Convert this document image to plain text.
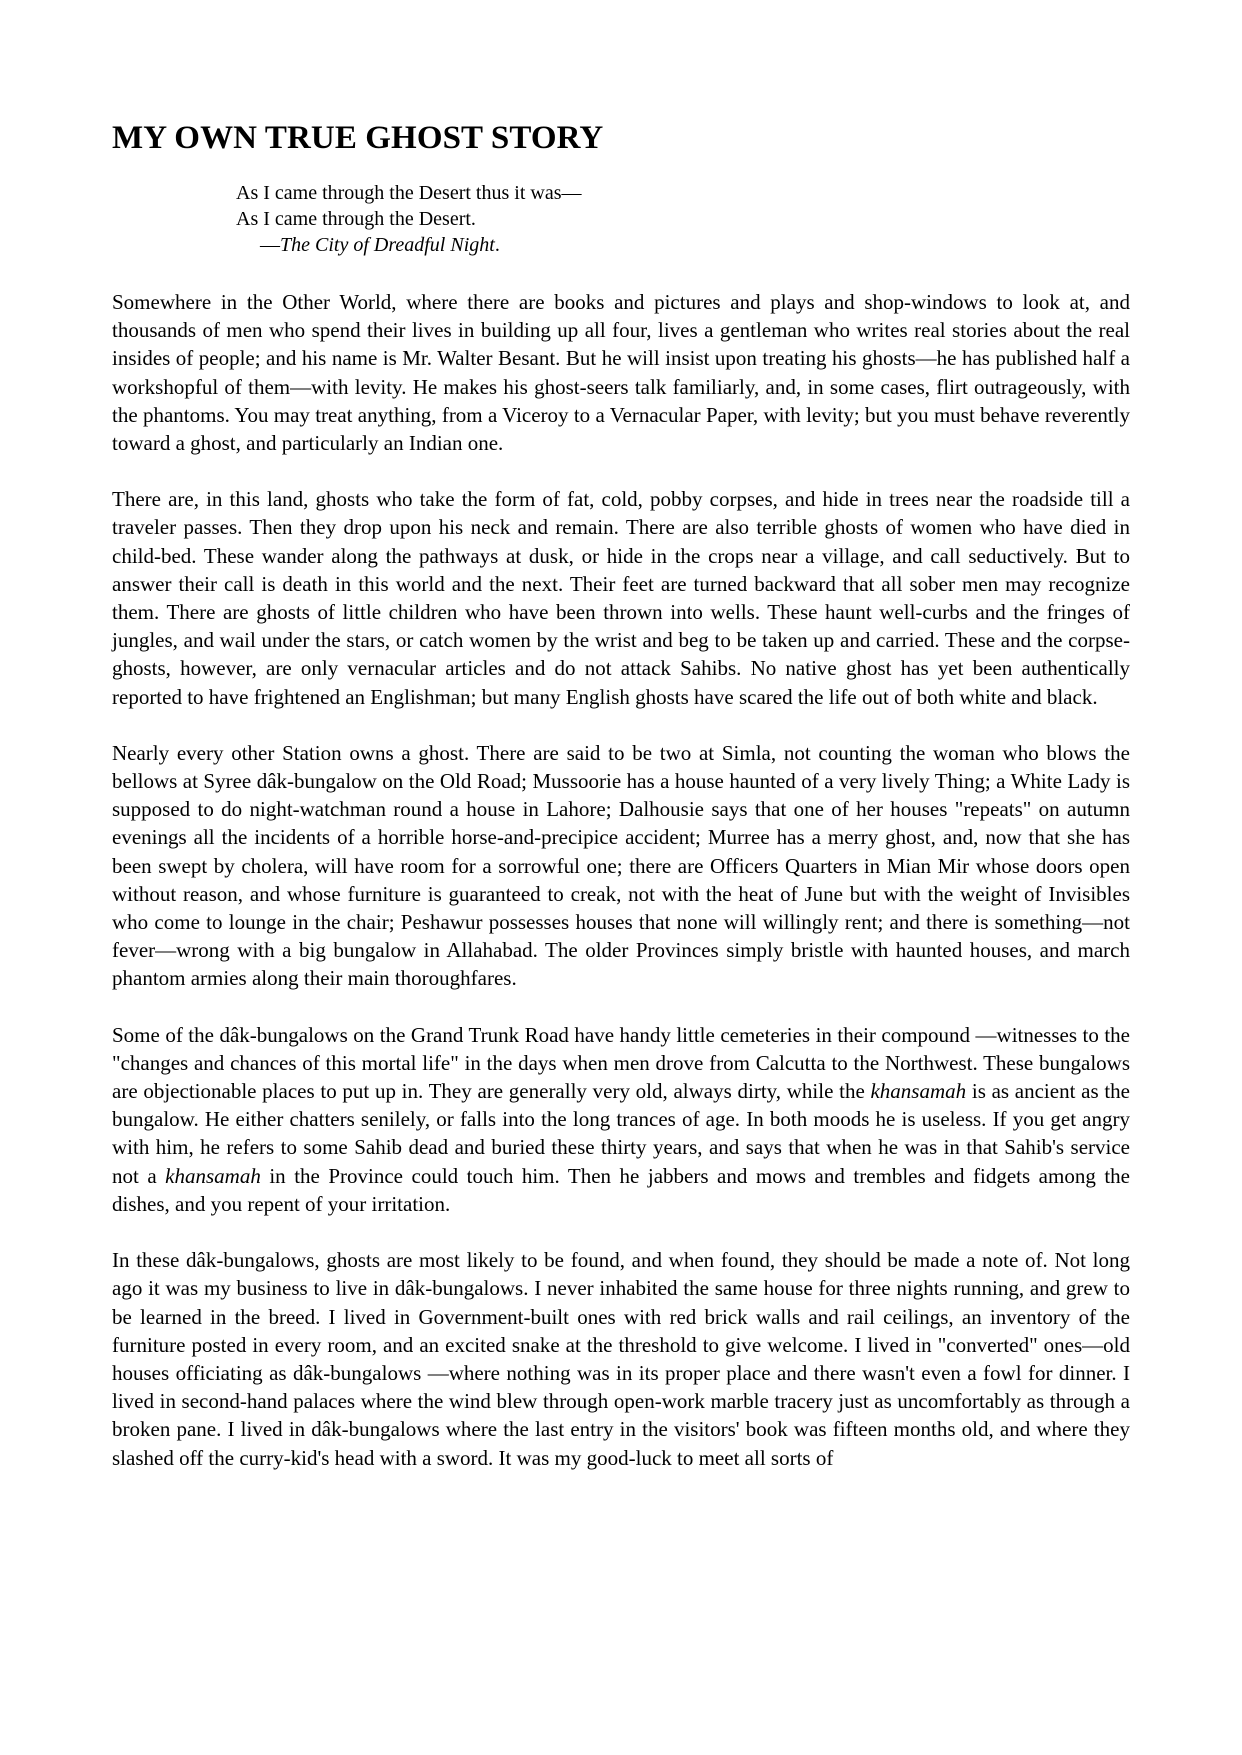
MY OWN TRUE GHOST STORY
As I came through the Desert thus it was—
As I came through the Desert.
—The City of Dreadful Night.

Somewhere in the Other World, where there are books and pictures and plays and shop-windows to look at, and thousands of men who spend their lives in building up all four, lives a gentleman who writes real stories about the real insides of people; and his name is Mr. Walter Besant. But he will insist upon treating his ghosts—he has published half a workshopful of them—with levity. He makes his ghost-seers talk familiarly, and, in some cases, flirt outrageously, with the phantoms. You may treat anything, from a Viceroy to a Vernacular Paper, with levity; but you must behave reverently toward a ghost, and particularly an Indian one.

There are, in this land, ghosts who take the form of fat, cold, pobby corpses, and hide in trees near the roadside till a traveler passes. Then they drop upon his neck and remain. There are also terrible ghosts of women who have died in child-bed. These wander along the pathways at dusk, or hide in the crops near a village, and call seductively. But to answer their call is death in this world and the next. Their feet are turned backward that all sober men may recognize them. There are ghosts of little children who have been thrown into wells. These haunt well-curbs and the fringes of jungles, and wail under the stars, or catch women by the wrist and beg to be taken up and carried. These and the corpse-ghosts, however, are only vernacular articles and do not attack Sahibs. No native ghost has yet been authentically reported to have frightened an Englishman; but many English ghosts have scared the life out of both white and black.

Nearly every other Station owns a ghost. There are said to be two at Simla, not counting the woman who blows the bellows at Syree dâk-bungalow on the Old Road; Mussoorie has a house haunted of a very lively Thing; a White Lady is supposed to do night-watchman round a house in Lahore; Dalhousie says that one of her houses "repeats" on autumn evenings all the incidents of a horrible horse-and-precipice accident; Murree has a merry ghost, and, now that she has been swept by cholera, will have room for a sorrowful one; there are Officers Quarters in Mian Mir whose doors open without reason, and whose furniture is guaranteed to creak, not with the heat of June but with the weight of Invisibles who come to lounge in the chair; Peshawur possesses houses that none will willingly rent; and there is something—not fever—wrong with a big bungalow in Allahabad. The older Provinces simply bristle with haunted houses, and march phantom armies along their main thoroughfares.

Some of the dâk-bungalows on the Grand Trunk Road have handy little cemeteries in their compound —witnesses to the "changes and chances of this mortal life" in the days when men drove from Calcutta to the Northwest. These bungalows are objectionable places to put up in. They are generally very old, always dirty, while the khansamah is as ancient as the bungalow. He either chatters senilely, or falls into the long trances of age. In both moods he is useless. If you get angry with him, he refers to some Sahib dead and buried these thirty years, and says that when he was in that Sahib's service not a khansamah in the Province could touch him. Then he jabbers and mows and trembles and fidgets among the dishes, and you repent of your irritation.

In these dâk-bungalows, ghosts are most likely to be found, and when found, they should be made a note of. Not long ago it was my business to live in dâk-bungalows. I never inhabited the same house for three nights running, and grew to be learned in the breed. I lived in Government-built ones with red brick walls and rail ceilings, an inventory of the furniture posted in every room, and an excited snake at the threshold to give welcome. I lived in "converted" ones—old houses officiating as dâk-bungalows —where nothing was in its proper place and there wasn't even a fowl for dinner. I lived in second-hand palaces where the wind blew through open-work marble tracery just as uncomfortably as through a broken pane. I lived in dâk-bungalows where the last entry in the visitors' book was fifteen months old, and where they slashed off the curry-kid's head with a sword. It was my good-luck to meet all sorts of
